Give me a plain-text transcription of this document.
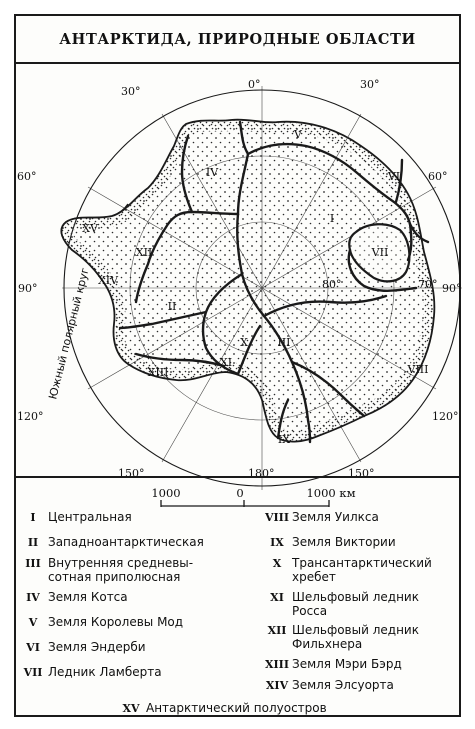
АНТАРКТИДА, ПРИРОДНЫЕ ОБЛАСТИ
30°
0°	30°
60°	60°
90°	90°
70°
80°
120°	120°
150°	180°	150°
Южный полярный круг
I
II
III
IV
V
VI
VII
VIII
IX
X
XI
XII
XIII
XIV
XV
1000	0	1000 км
I	Центральная
II Западноантарктическая
III Внутренняя средневы-сотная приполюсная
IV Земля Котса
V Земля Королевы Мод
VI Земля Эндерби
VII Ледник Ламберта
VIII Земля Уилкса
IX Земля Виктории
X Трансантарктический хребет
XI Шельфовый ледник Росса
XII Шельфовый ледник Фильхнера
XIII Земля Мэри Бэрд
XIV Земля Элсуорта
XV Антарктический полуостров
